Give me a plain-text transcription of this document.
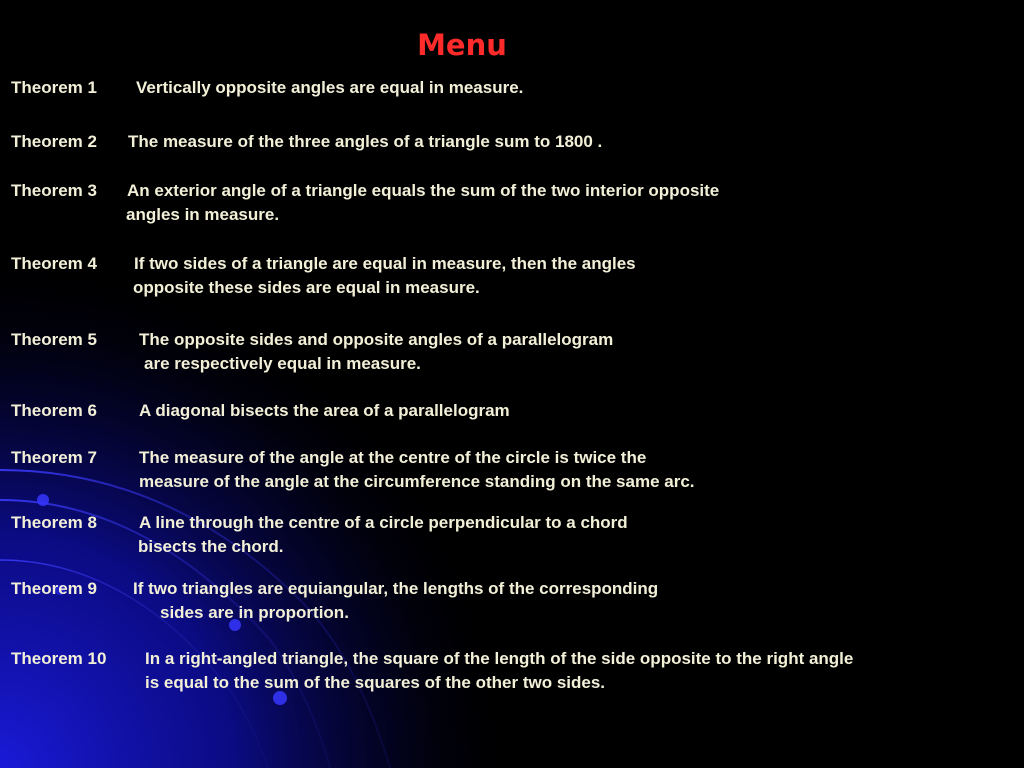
Menu
Theorem 1 Vertically opposite angles are equal in measure.
Theorem 2 The measure of the three angles of a triangle sum to 1800 .
Theorem 3 An exterior angle of a triangle equals the sum of the two interior opposite
angles in measure.
Theorem 4 If two sides of a triangle are equal in measure, then the angles
opposite these sides are equal in measure.
Theorem 5 The opposite sides and opposite angles of a parallelogram
are respectively equal in measure.
Theorem 6 A diagonal bisects the area of a parallelogram
Theorem 7 The measure of the angle at the centre of the circle is twice the
measure of the angle at the circumference standing on the same arc.
Theorem 8 A line through the centre of a circle perpendicular to a chord
bisects the chord.
Theorem 9 If two triangles are equiangular, the lengths of the corresponding
sides are in proportion.
Theorem 10 In a right-angled triangle, the square of the length of the side opposite to the right angle
is equal to the sum of the squares of the other two sides.
